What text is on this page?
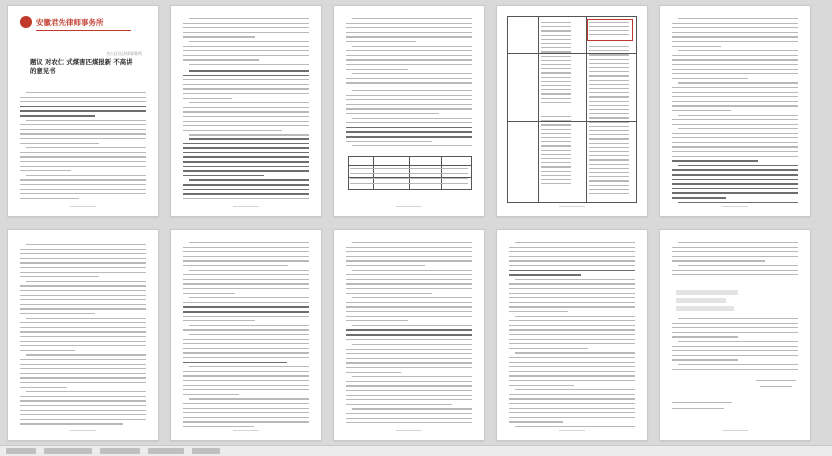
安徽君先律师事务所
为公区民法律事务所
题议 对农仁 式煤害匹煤报新 不高讲 的意见书
